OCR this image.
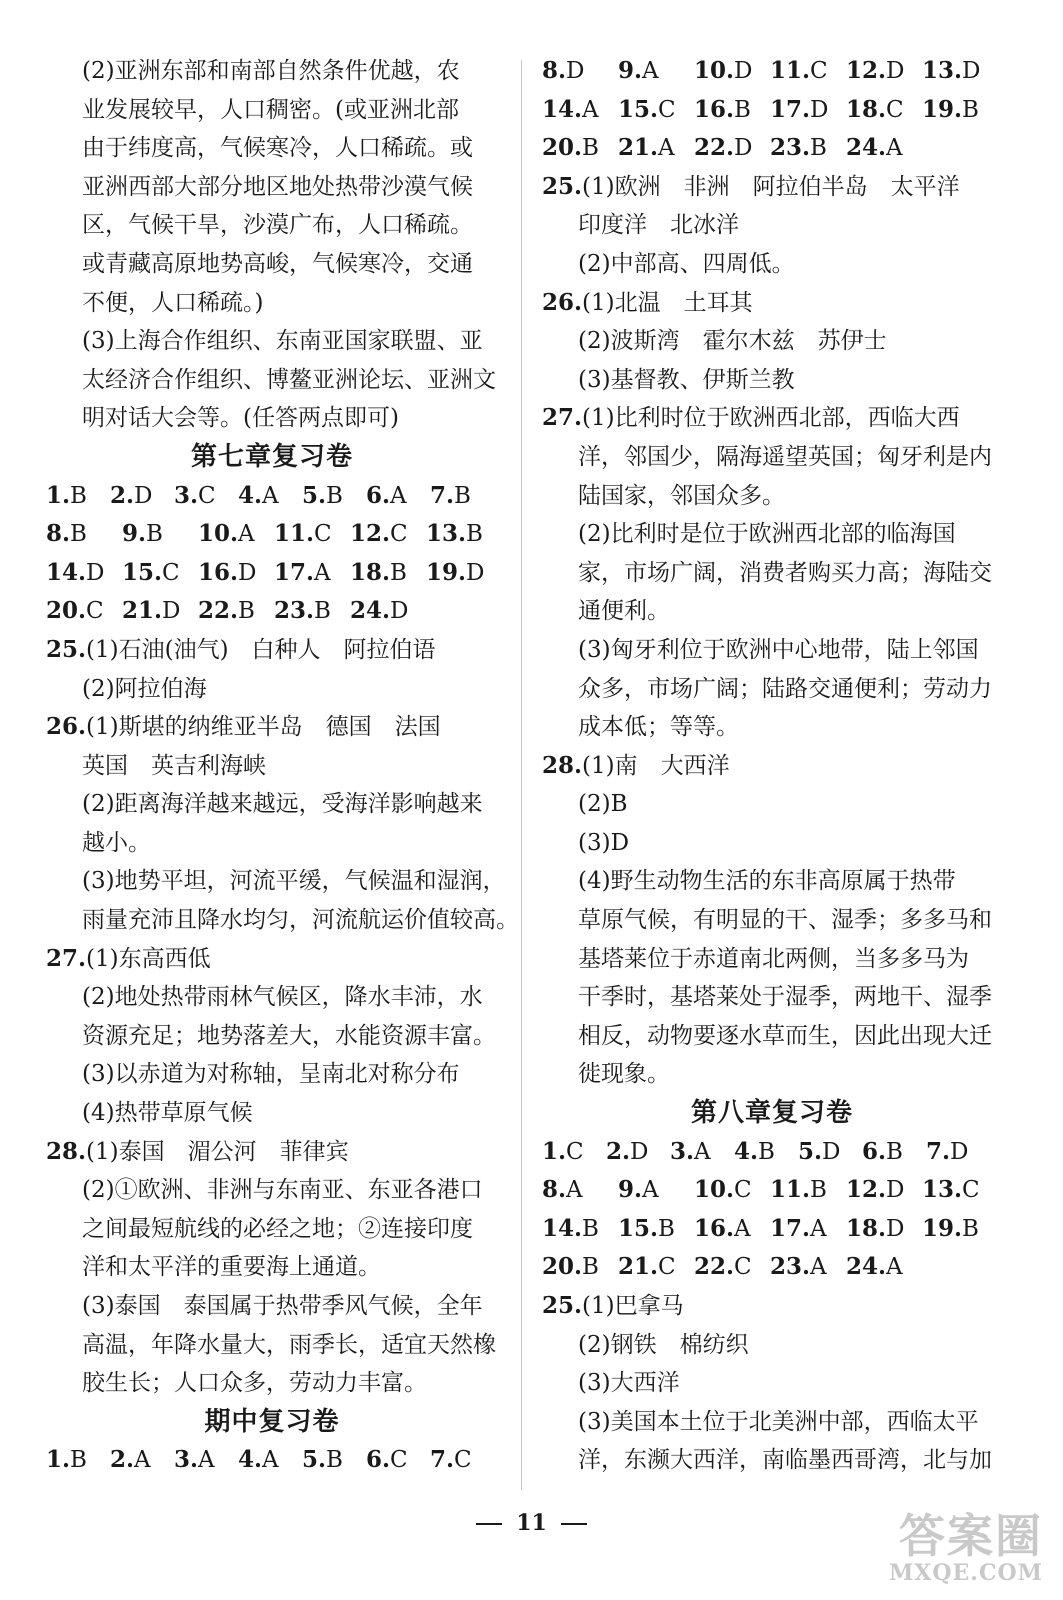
(2)亚洲东部和南部自然条件优越，农
业发展较早，人口稠密。(或亚洲北部
由于纬度高，气候寒冷，人口稀疏。或
亚洲西部大部分地区地处热带沙漠气候
区，气候干旱，沙漠广布，人口稀疏。
或青藏高原地势高峻，气候寒冷，交通
不便，人口稀疏。)
(3)上海合作组织、东南亚国家联盟、亚
太经济合作组织、博鳌亚洲论坛、亚洲文
明对话大会等。(任答两点即可)
第七章复习卷
1.B 2.D 3.C 4.A 5.B 6.A 7.B
8.B 9.B 10.A 11.C 12.C 13.B
14.D 15.C 16.D 17.A 18.B 19.D
20.C 21.D 22.B 23.B 24.D
25.(1)石油(油气)　白种人　阿拉伯语
(2)阿拉伯海
26.(1)斯堪的纳维亚半岛　德国　法国
英国　英吉利海峡
(2)距离海洋越来越远，受海洋影响越来
越小。
(3)地势平坦，河流平缓，气候温和湿润，
雨量充沛且降水均匀，河流航运价值较高。
27.(1)东高西低
(2)地处热带雨林气候区，降水丰沛，水
资源充足；地势落差大，水能资源丰富。
(3)以赤道为对称轴，呈南北对称分布
(4)热带草原气候
28.(1)泰国　湄公河　菲律宾
(2)①欧洲、非洲与东南亚、东亚各港口
之间最短航线的必经之地；②连接印度
洋和太平洋的重要海上通道。
(3)泰国　泰国属于热带季风气候，全年
高温，年降水量大，雨季长，适宜天然橡
胶生长；人口众多，劳动力丰富。
期中复习卷
1.B 2.A 3.A 4.A 5.B 6.C 7.C
8.D 9.A 10.D 11.C 12.D 13.D
14.A 15.C 16.B 17.D 18.C 19.B
20.B 21.A 22.D 23.B 24.A
25.(1)欧洲　非洲　阿拉伯半岛　太平洋
印度洋　北冰洋
(2)中部高、四周低。
26.(1)北温　土耳其
(2)波斯湾　霍尔木兹　苏伊士
(3)基督教、伊斯兰教
27.(1)比利时位于欧洲西北部，西临大西
洋，邻国少，隔海遥望英国；匈牙利是内
陆国家，邻国众多。
(2)比利时是位于欧洲西北部的临海国
家，市场广阔，消费者购买力高；海陆交
通便利。
(3)匈牙利位于欧洲中心地带，陆上邻国
众多，市场广阔；陆路交通便利；劳动力
成本低；等等。
28.(1)南　大西洋
(2)B
(3)D
(4)野生动物生活的东非高原属于热带
草原气候，有明显的干、湿季；多多马和
基塔莱位于赤道南北两侧，当多多马为
干季时，基塔莱处于湿季，两地干、湿季
相反，动物要逐水草而生，因此出现大迁
徙现象。
第八章复习卷
1.C 2.D 3.A 4.B 5.D 6.B 7.D
8.A 9.A 10.C 11.B 12.D 13.C
14.B 15.B 16.A 17.A 18.D 19.B
20.B 21.C 22.C 23.A 24.A
25.(1)巴拿马
(2)钢铁　棉纺织
(3)大西洋
(3)美国本土位于北美洲中部，西临太平
洋，东濒大西洋，南临墨西哥湾，北与加
11	答案圈
MXQE.COM
